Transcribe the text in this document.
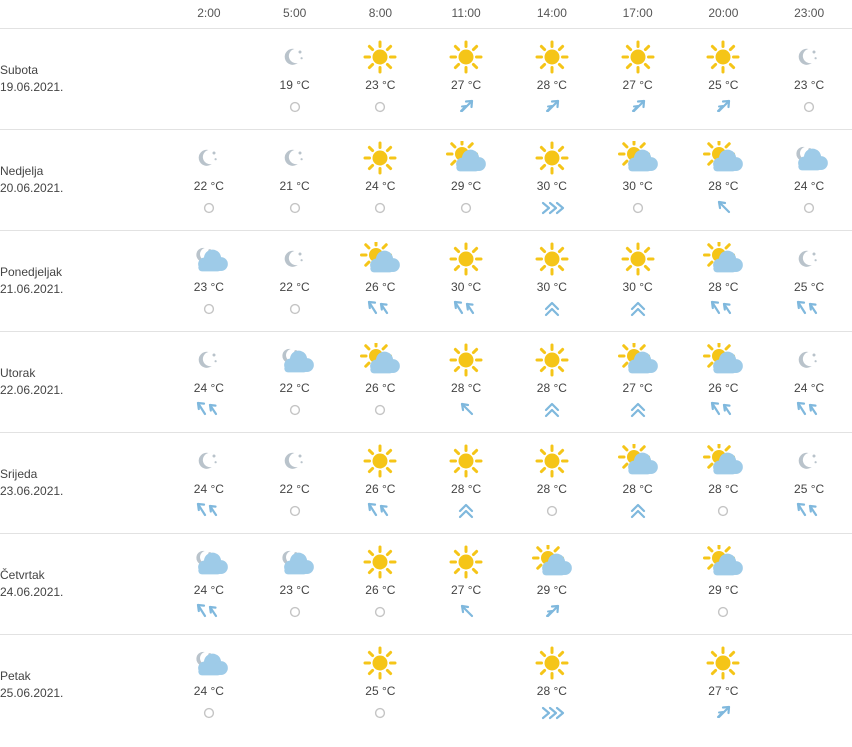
	2:00	5:00	8:00	11:00	14:00	17:00	20:00	23:00

Subota
19.06.2021.		19 °C	23 °C	27 °C	28 °C	27 °C	25 °C	23 °C

Nedjelja
20.06.2021.	22 °C	21 °C	24 °C	29 °C	30 °C	30 °C	28 °C	24 °C

Ponedjeljak
21.06.2021.	23 °C	22 °C	26 °C	30 °C	30 °C	30 °C	28 °C	25 °C

Utorak
22.06.2021.	24 °C	22 °C	26 °C	28 °C	28 °C	27 °C	26 °C	24 °C

Srijeda
23.06.2021.	24 °C	22 °C	26 °C	28 °C	28 °C	28 °C	28 °C	25 °C

Četvrtak
24.06.2021.	24 °C	23 °C	26 °C	27 °C	29 °C		29 °C	

Petak
25.06.2021.	24 °C		25 °C		28 °C		27 °C	
